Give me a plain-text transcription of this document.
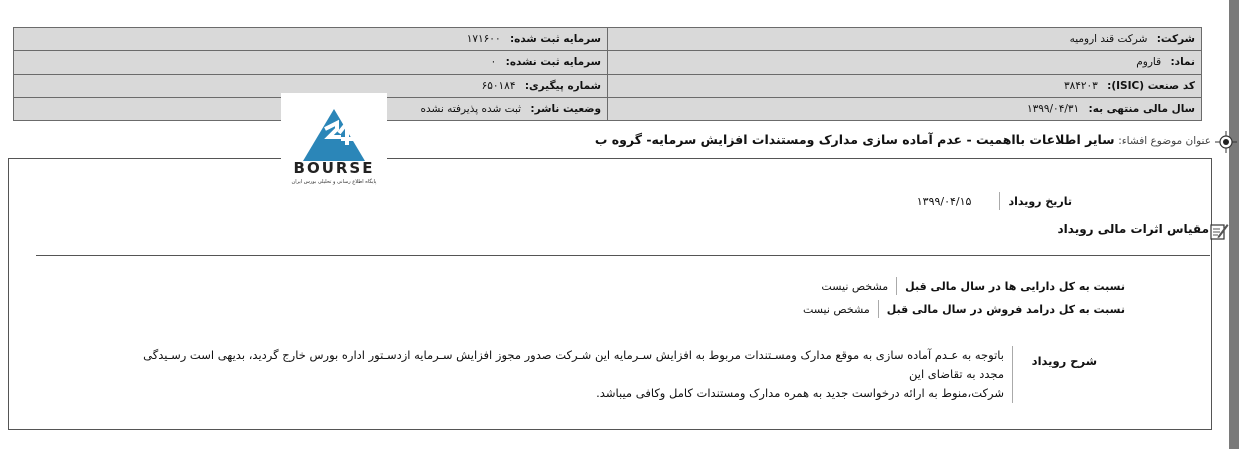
شرکت: شرکت قند ارومیه	سرمایه ثبت شده: ۱۷۱۶۰۰
نماد: قاروم	سرمایه ثبت نشده: ۰
کد صنعت (ISIC): ۳۸۴۲۰۳	شماره پیگیری: ۶۵۰۱۸۴
سال مالی منتهی به: ۱۳۹۹/۰۴/۳۱	وضعیت ناشر: ثبت شده پذیرفته نشده
عنوان موضوع افشاء: سایر اطلاعات بااهمیت - عدم آماده سازی مدارک ومستندات افزایش سرمایه- گروه ب
BOURSE
پایگاه اطلاع رسانی و تحلیلی بورس ایران
تاریخ رویداد
۱۳۹۹/۰۴/۱۵
مقیاس اثرات مالی رویداد
نسبت به کل دارایی ها در سال مالی قبل
مشخص نیست
نسبت به کل درامد فروش در سال مالی قبل
مشخص نیست
شرح رویداد
باتوجه به عـدم آماده سازی به موقع مدارک ومسـتندات مربوط به افزایش سـرمایه این شـرکت صدور مجوز افزایش سـرمایه ازدسـتور اداره بورس خارج گردید، بدیهی است رسـیدگی مجدد به تقاضای این
شرکت،منوط به ارائه درخواست جدید به همره مدارک ومستندات کامل وکافی میباشد.
